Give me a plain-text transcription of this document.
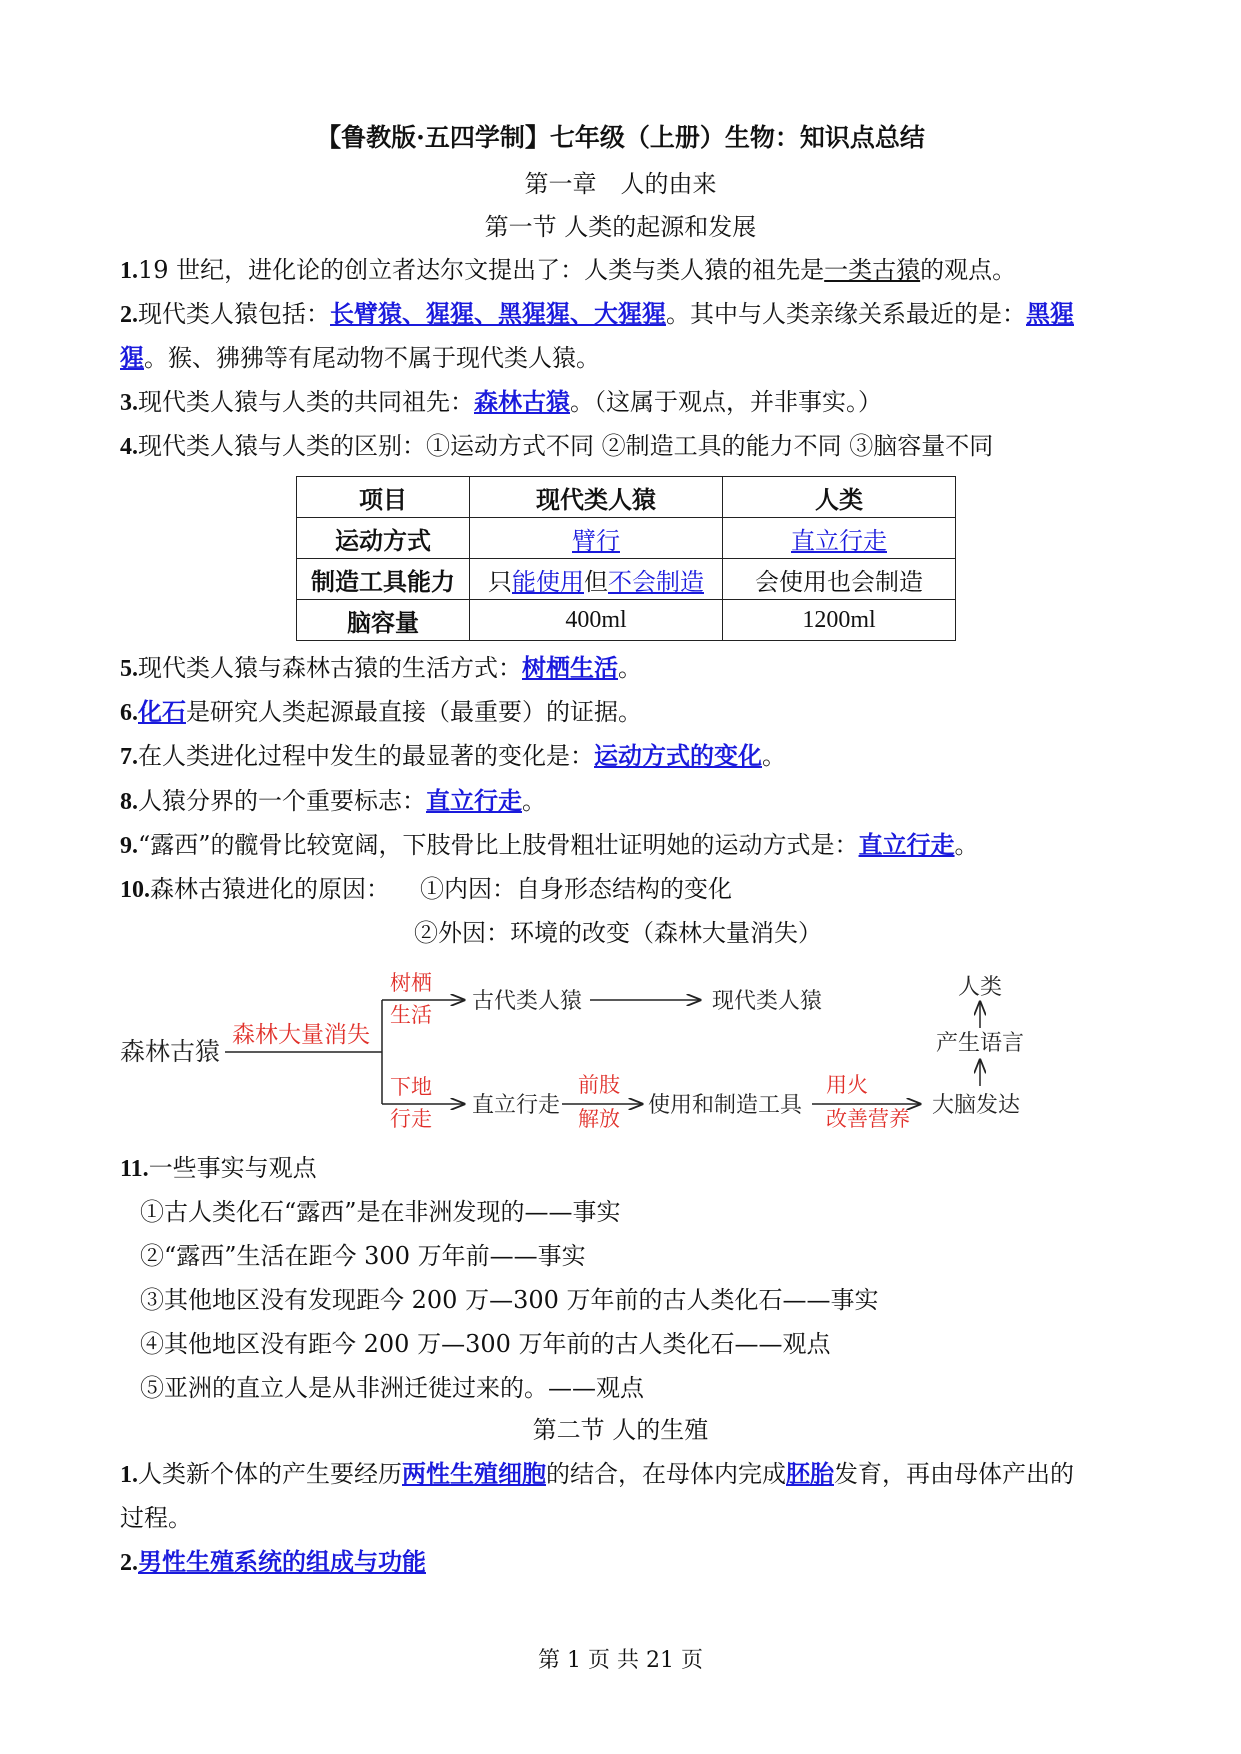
【鲁教版·五四学制】七年级（上册）生物：知识点总结
第一章　人的由来
第一节 人类的起源和发展
1.19 世纪，进化论的创立者达尔文提出了：人类与类人猿的祖先是一类古猿的观点。
2.现代类人猿包括：长臂猿、猩猩、黑猩猩、大猩猩。其中与人类亲缘关系最近的是：黑猩
猩。猴、狒狒等有尾动物不属于现代类人猿。
3.现代类人猿与人类的共同祖先：森林古猿。（这属于观点，并非事实。）
4.现代类人猿与人类的区别：①运动方式不同 ②制造工具的能力不同 ③脑容量不同
项目	现代类人猿	人类
运动方式	臂行	直立行走
制造工具能力	只能使用但不会制造	会使用也会制造
脑容量	400ml	1200ml
5.现代类人猿与森林古猿的生活方式：树栖生活。
6.化石是研究人类起源最直接（最重要）的证据。
7.在人类进化过程中发生的最显著的变化是：运动方式的变化。
8.人猿分界的一个重要标志：直立行走。
9.“露西”的髋骨比较宽阔，下肢骨比上肢骨粗壮证明她的运动方式是：直立行走。
10.森林古猿进化的原因： ①内因：自身形态结构的变化
②外因：环境的改变（森林大量消失）
森林古猿
森林大量消失
树栖
生活
下地
行走
古代类人猿	现代类人猿
直立行走
前肢
解放
使用和制造工具
用火
改善营养
大脑发达
产生语言
人类
11.一些事实与观点
①古人类化石“露西”是在非洲发现的——事实
②“露西”生活在距今 300 万年前——事实
③其他地区没有发现距今 200 万—300 万年前的古人类化石——事实
④其他地区没有距今 200 万—300 万年前的古人类化石——观点
⑤亚洲的直立人是从非洲迁徙过来的。——观点
第二节 人的生殖
1.人类新个体的产生要经历两性生殖细胞的结合，在母体内完成胚胎发育，再由母体产出的
过程。
2.男性生殖系统的组成与功能
第 1 页 共 21 页
